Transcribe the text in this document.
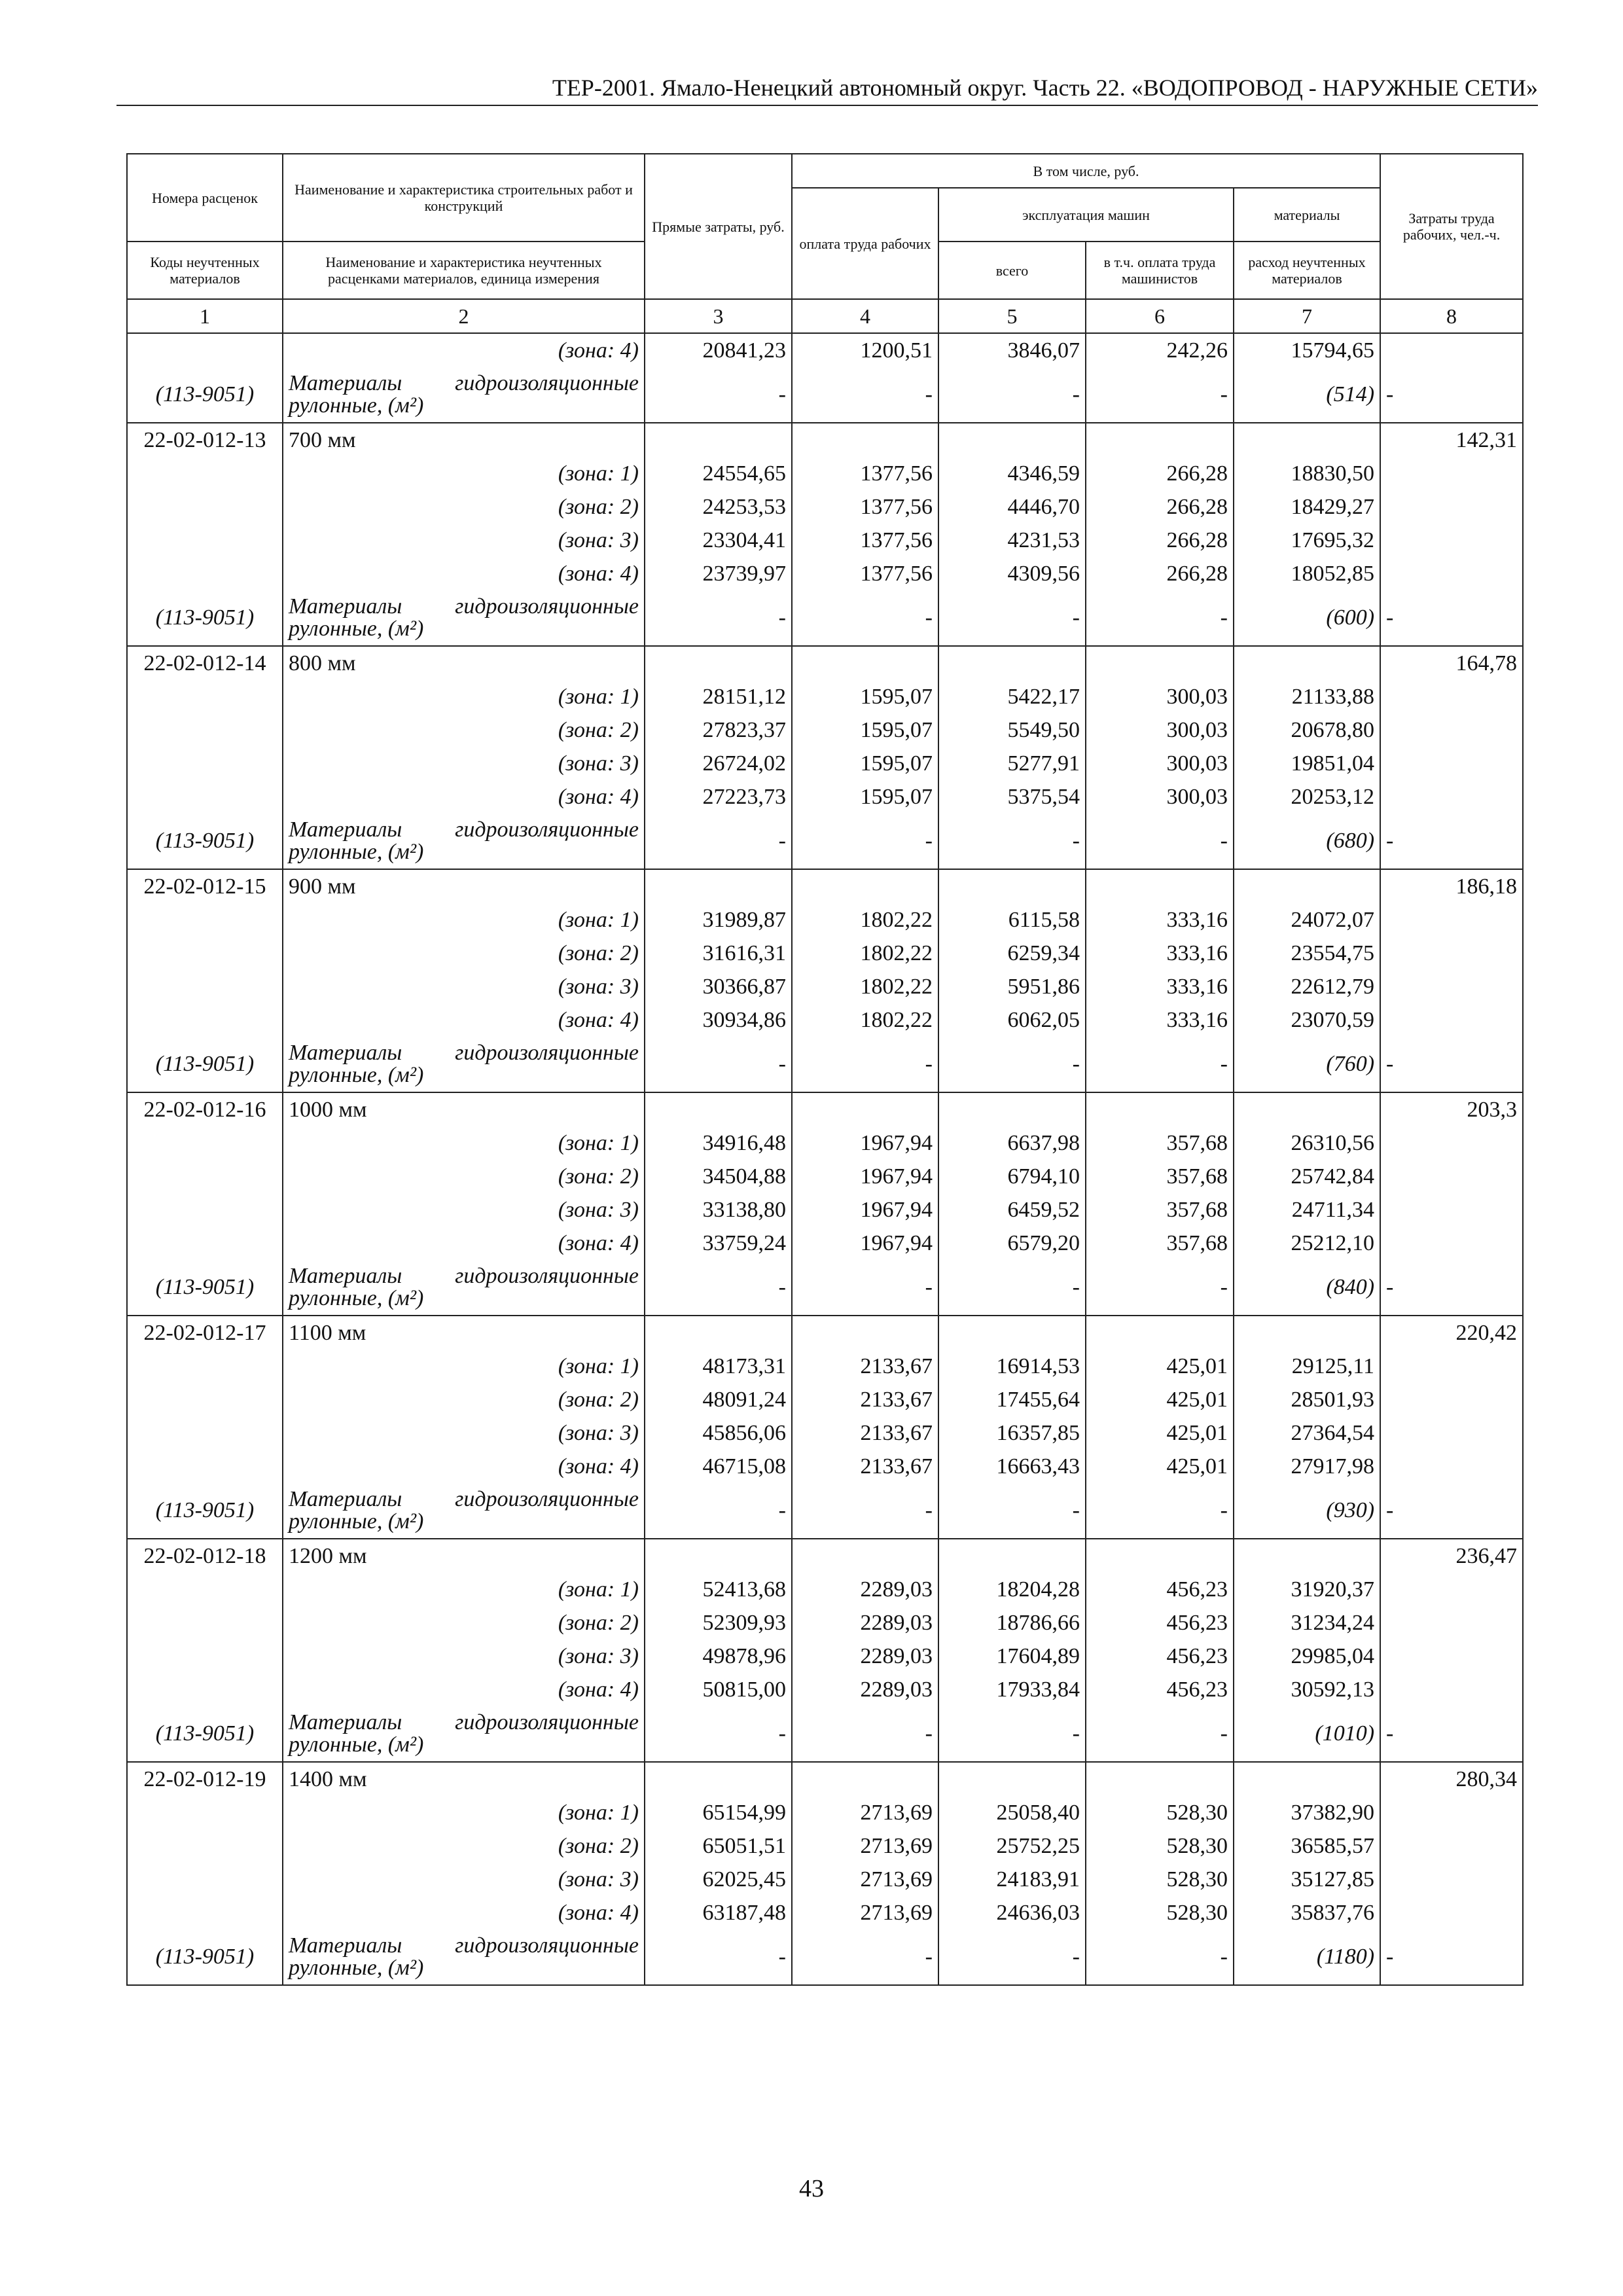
ТЕР-2001. Ямало-Ненецкий автономный округ. Часть 22. «ВОДОПРОВОД - НАРУЖНЫЕ СЕТИ»
Номера расценок	Наименование и характеристика строительных работ и конструкций	Прямые затраты, руб.	В том числе, руб.				Затраты труда рабочих, чел.-ч.
			оплата труда рабочих	эксплуатация машин		материалы	
Коды неучтенных материалов	Наименование и характеристика неучтенных расценками материалов, единица измерения			всего	в т.ч. оплата труда машинистов	расход неучтенных материалов	
1	2	3	4	5	6	7	8
	(зона: 4)	20841,23	1200,51	3846,07	242,26	15794,65	
(113-9051)	Материалы гидроизоляционные рулонные, (м²)	-	-	-	-	(514)	-
22-02-012-13	700 мм						142,31
	(зона: 1)	24554,65	1377,56	4346,59	266,28	18830,50	
	(зона: 2)	24253,53	1377,56	4446,70	266,28	18429,27	
	(зона: 3)	23304,41	1377,56	4231,53	266,28	17695,32	
	(зона: 4)	23739,97	1377,56	4309,56	266,28	18052,85	
(113-9051)	Материалы гидроизоляционные рулонные, (м²)	-	-	-	-	(600)	-
22-02-012-14	800 мм						164,78
	(зона: 1)	28151,12	1595,07	5422,17	300,03	21133,88	
	(зона: 2)	27823,37	1595,07	5549,50	300,03	20678,80	
	(зона: 3)	26724,02	1595,07	5277,91	300,03	19851,04	
	(зона: 4)	27223,73	1595,07	5375,54	300,03	20253,12	
(113-9051)	Материалы гидроизоляционные рулонные, (м²)	-	-	-	-	(680)	-
22-02-012-15	900 мм						186,18
	(зона: 1)	31989,87	1802,22	6115,58	333,16	24072,07	
	(зона: 2)	31616,31	1802,22	6259,34	333,16	23554,75	
	(зона: 3)	30366,87	1802,22	5951,86	333,16	22612,79	
	(зона: 4)	30934,86	1802,22	6062,05	333,16	23070,59	
(113-9051)	Материалы гидроизоляционные рулонные, (м²)	-	-	-	-	(760)	-
22-02-012-16	1000 мм						203,3
	(зона: 1)	34916,48	1967,94	6637,98	357,68	26310,56	
	(зона: 2)	34504,88	1967,94	6794,10	357,68	25742,84	
	(зона: 3)	33138,80	1967,94	6459,52	357,68	24711,34	
	(зона: 4)	33759,24	1967,94	6579,20	357,68	25212,10	
(113-9051)	Материалы гидроизоляционные рулонные, (м²)	-	-	-	-	(840)	-
22-02-012-17	1100 мм						220,42
	(зона: 1)	48173,31	2133,67	16914,53	425,01	29125,11	
	(зона: 2)	48091,24	2133,67	17455,64	425,01	28501,93	
	(зона: 3)	45856,06	2133,67	16357,85	425,01	27364,54	
	(зона: 4)	46715,08	2133,67	16663,43	425,01	27917,98	
(113-9051)	Материалы гидроизоляционные рулонные, (м²)	-	-	-	-	(930)	-
22-02-012-18	1200 мм						236,47
	(зона: 1)	52413,68	2289,03	18204,28	456,23	31920,37	
	(зона: 2)	52309,93	2289,03	18786,66	456,23	31234,24	
	(зона: 3)	49878,96	2289,03	17604,89	456,23	29985,04	
	(зона: 4)	50815,00	2289,03	17933,84	456,23	30592,13	
(113-9051)	Материалы гидроизоляционные рулонные, (м²)	-	-	-	-	(1010)	-
22-02-012-19	1400 мм						280,34
	(зона: 1)	65154,99	2713,69	25058,40	528,30	37382,90	
	(зона: 2)	65051,51	2713,69	25752,25	528,30	36585,57	
	(зона: 3)	62025,45	2713,69	24183,91	528,30	35127,85	
	(зона: 4)	63187,48	2713,69	24636,03	528,30	35837,76	
(113-9051)	Материалы гидроизоляционные рулонные, (м²)	-	-	-	-	(1180)	-
43
